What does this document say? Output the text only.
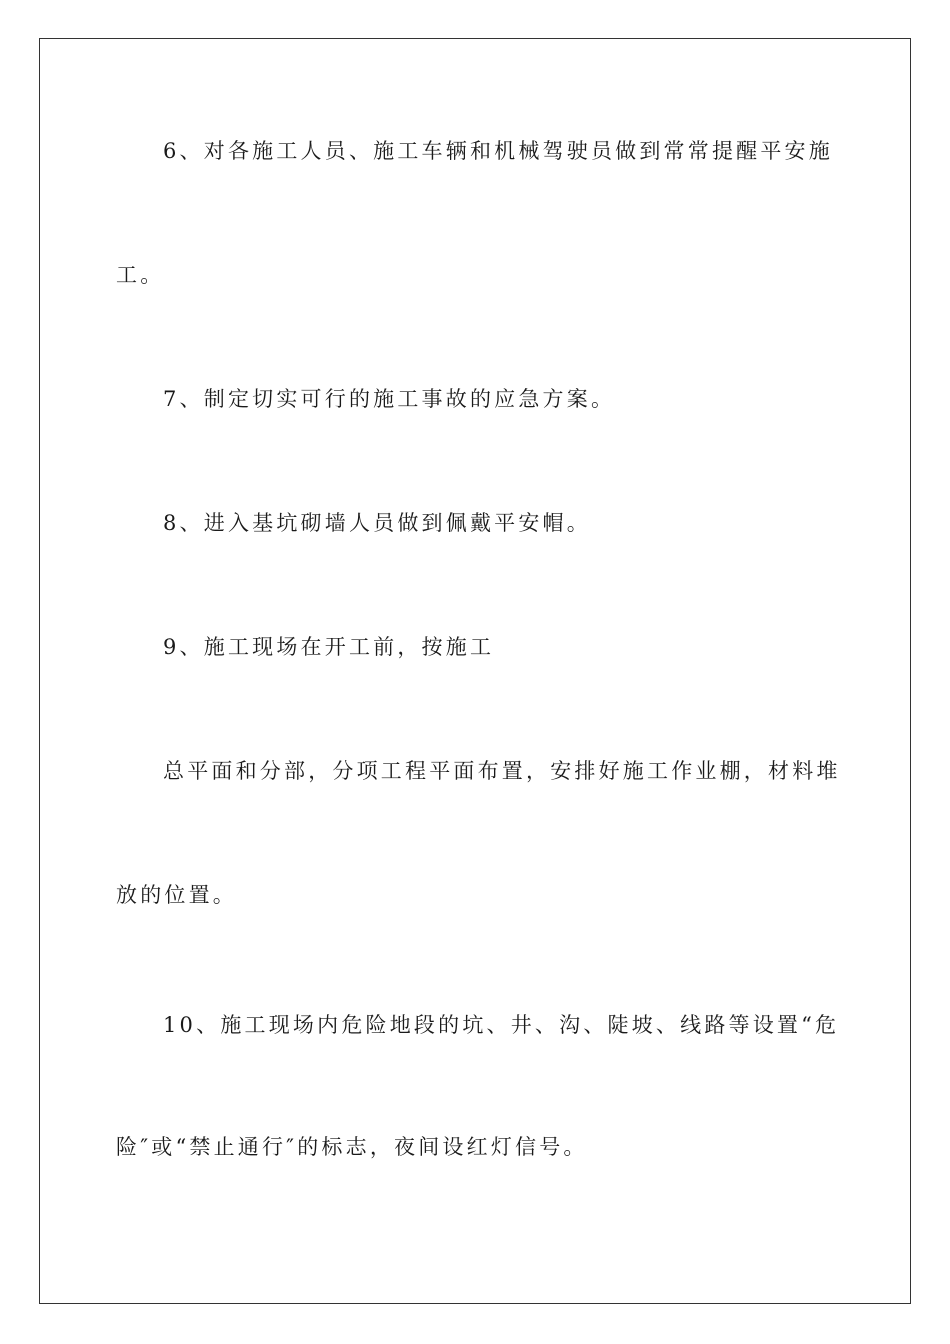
6、对各施工人员、施工车辆和机械驾驶员做到常常提醒平安施
工。
7、制定切实可行的施工事故的应急方案。
8、进入基坑砌墙人员做到佩戴平安帽。
9、施工现场在开工前，按施工
总平面和分部，分项工程平面布置，安排好施工作业棚，材料堆
放的位置。
10、施工现场内危险地段的坑、井、沟、陡坡、线路等设置“危
险″或“禁止通行″的标志，夜间设红灯信号。
